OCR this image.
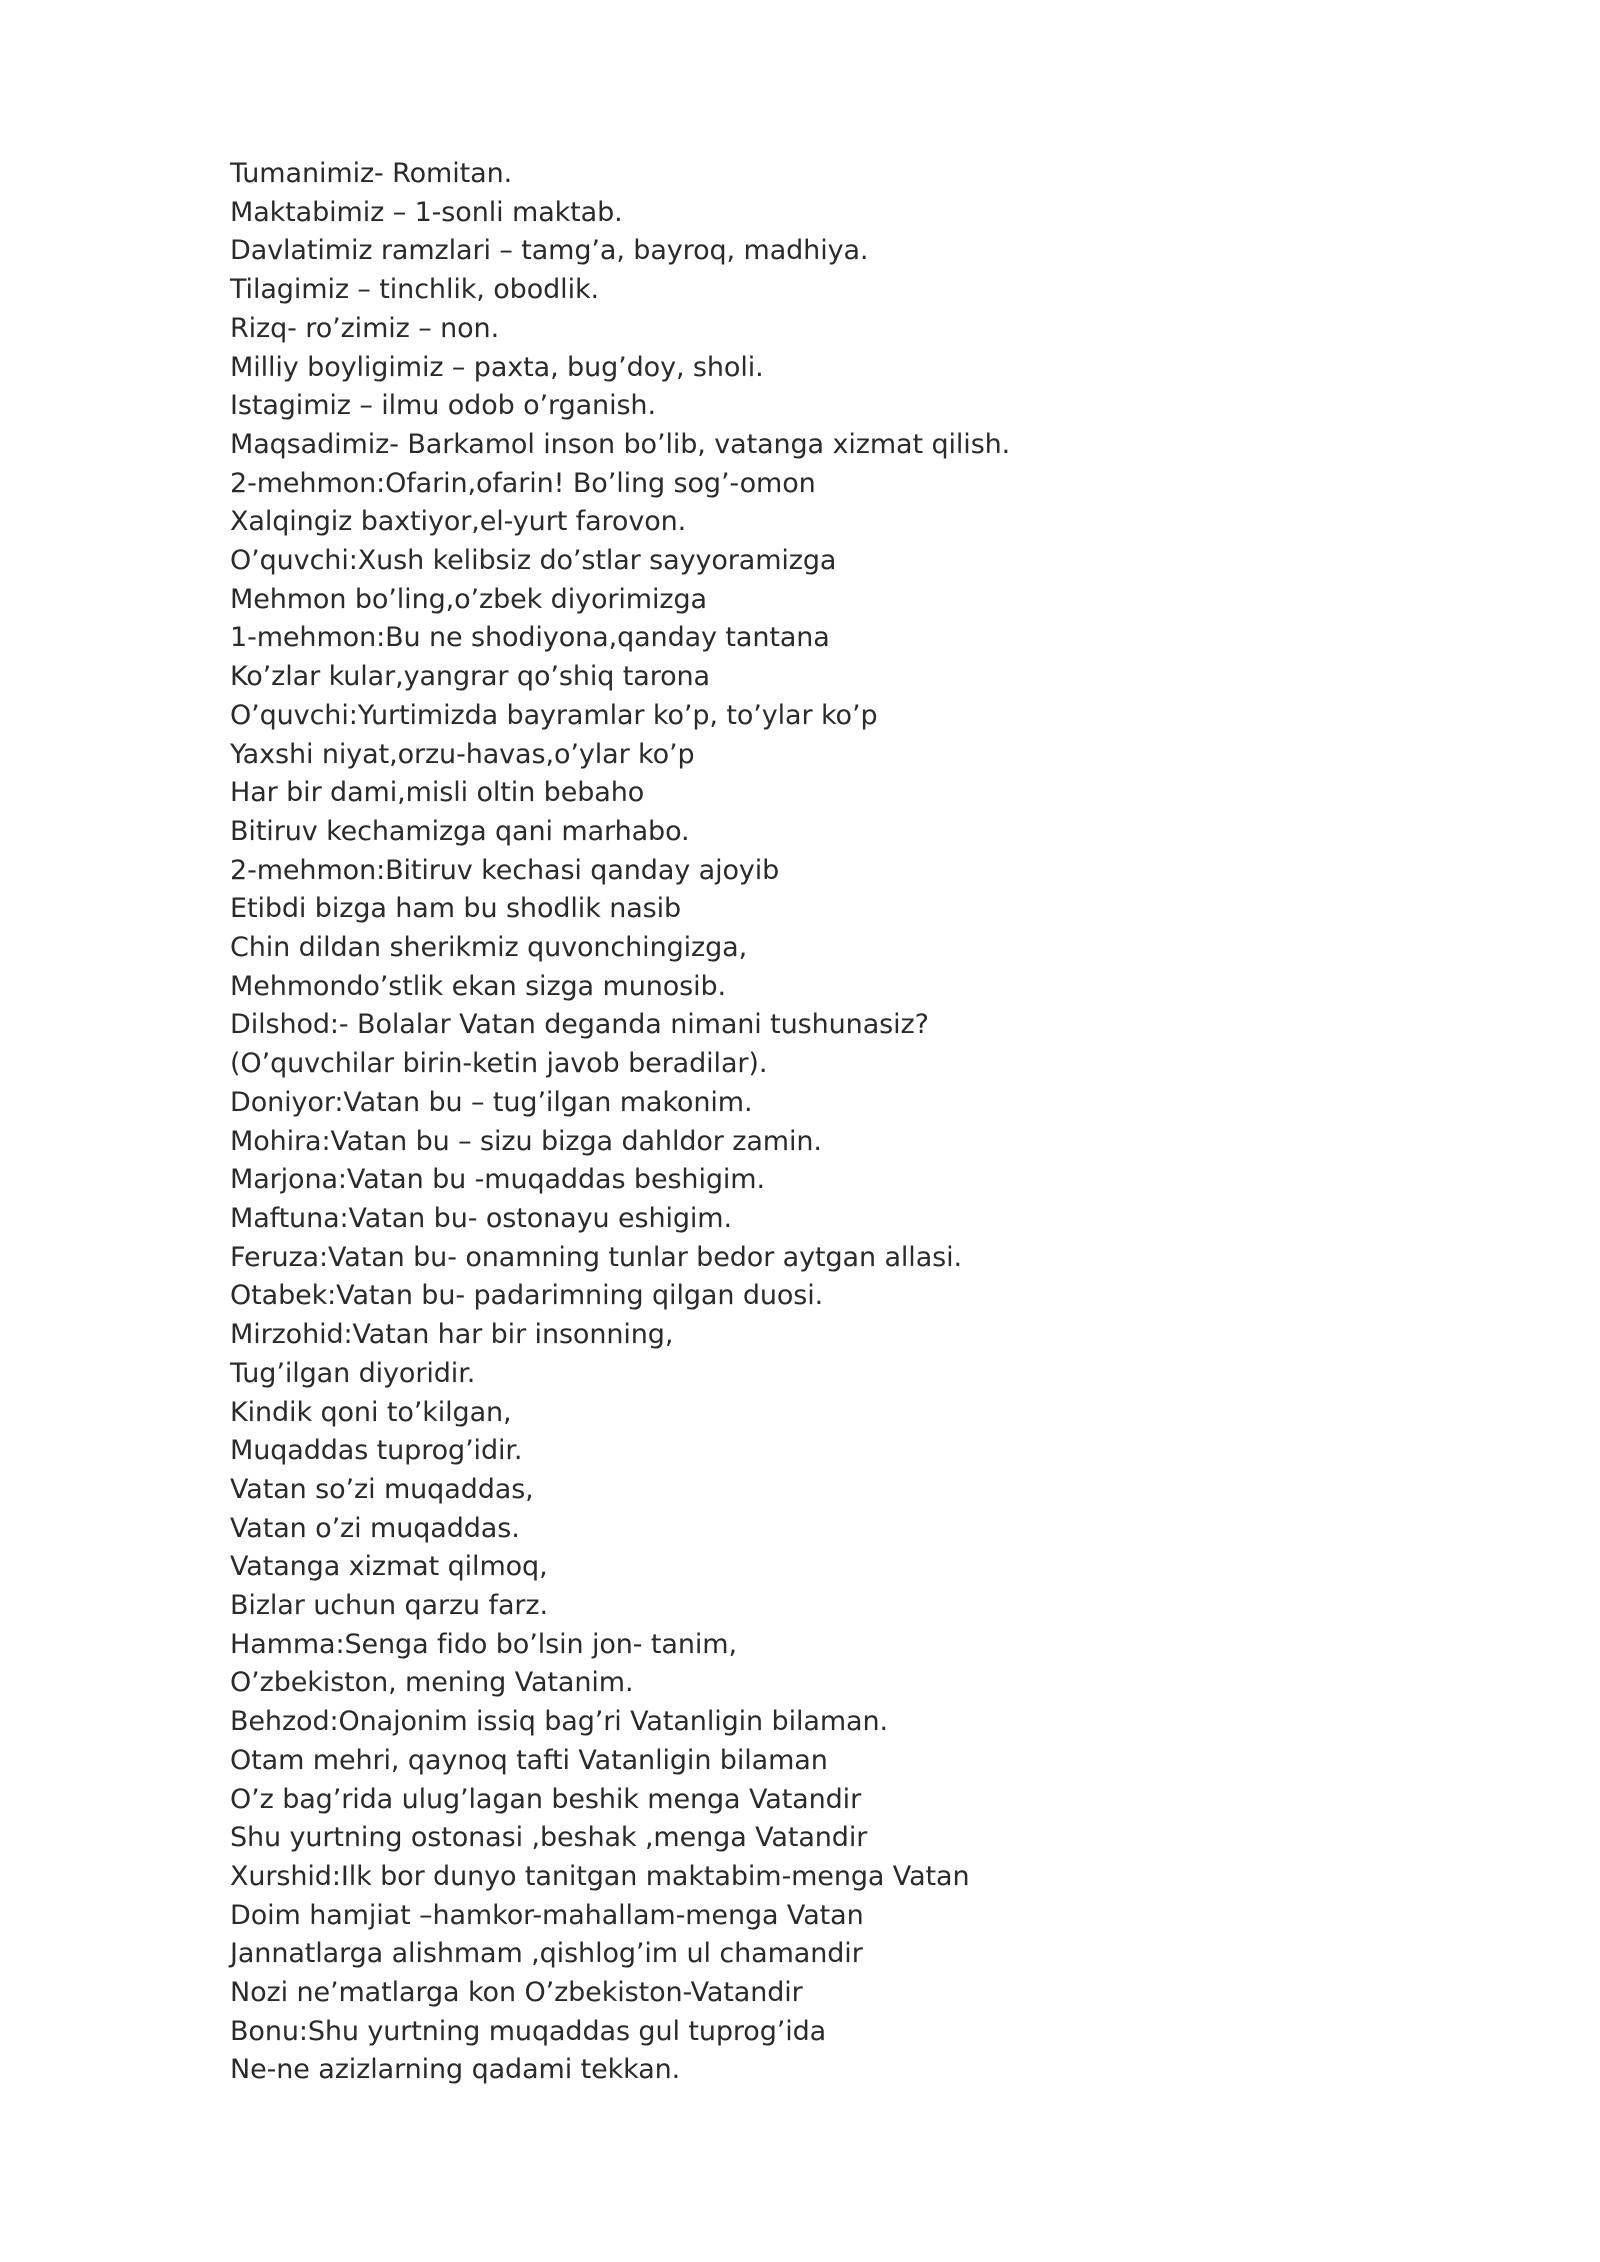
Tumanimiz- Romitan.
Maktabimiz – 1-sonli maktab.
Davlatimiz ramzlari – tamg’a, bayroq, madhiya.
Tilagimiz – tinchlik, obodlik.
Rizq- ro’zimiz – non.
Milliy boyligimiz – paxta, bug’doy, sholi.
Istagimiz – ilmu odob o’rganish.
Maqsadimiz- Barkamol inson bo’lib, vatanga xizmat qilish.
2-mehmon:Ofarin,ofarin! Bo’ling sog’-omon
Xalqingiz baxtiyor,el-yurt farovon.
O’quvchi:Xush kelibsiz do’stlar sayyoramizga
Mehmon bo’ling,o’zbek diyorimizga
1-mehmon:Bu ne shodiyona,qanday tantana
Ko’zlar kular,yangrar qo’shiq tarona
O’quvchi:Yurtimizda bayramlar ko’p, to’ylar ko’p
Yaxshi niyat,orzu-havas,o’ylar ko’p
Har bir dami,misli oltin bebaho
Bitiruv kechamizga qani marhabo.
2-mehmon:Bitiruv kechasi qanday ajoyib
Etibdi bizga ham bu shodlik nasib
Chin dildan sherikmiz quvonchingizga,
Mehmondo’stlik ekan sizga munosib.
Dilshod:- Bolalar Vatan deganda nimani tushunasiz?
(O’quvchilar birin-ketin javob beradilar).
Doniyor:Vatan bu – tug’ilgan makonim.
Mohira:Vatan bu – sizu bizga dahldor zamin.
Marjona:Vatan bu -muqaddas beshigim.
Maftuna:Vatan bu- ostonayu eshigim.
Feruza:Vatan bu- onamning tunlar bedor aytgan allasi.
Otabek:Vatan bu- padarimning qilgan duosi.
Mirzohid:Vatan har bir insonning,
Tug’ilgan diyoridir.
Kindik qoni to’kilgan,
Muqaddas tuprog’idir.
Vatan so’zi muqaddas,
Vatan o’zi muqaddas.
Vatanga xizmat qilmoq,
Bizlar uchun qarzu farz.
Hamma:Senga fido bo’lsin jon- tanim,
O’zbekiston, mening Vatanim.
Behzod:Onajonim issiq bag’ri Vatanligin bilaman.
Otam mehri, qaynoq tafti Vatanligin bilaman
O’z bag’rida ulug’lagan beshik menga Vatandir
Shu yurtning ostonasi ,beshak ,menga Vatandir
Xurshid:Ilk bor dunyo tanitgan maktabim-menga Vatan
Doim hamjiat –hamkor-mahallam-menga Vatan
Jannatlarga alishmam ,qishlog’im ul chamandir
Nozi ne’matlarga kon O’zbekiston-Vatandir
Bonu:Shu yurtning muqaddas gul tuprog’ida
Ne-ne azizlarning qadami tekkan.
